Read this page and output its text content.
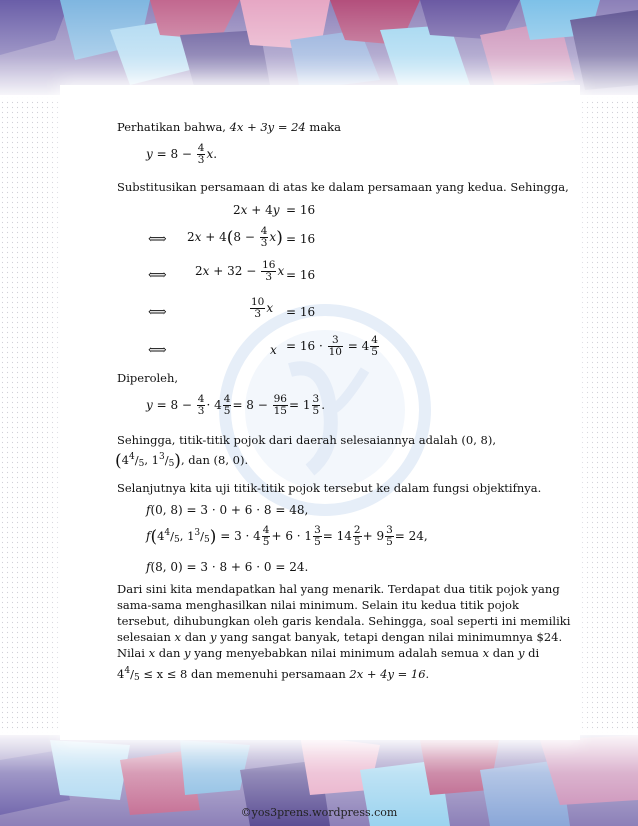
Perhatikan bahwa, 4x + 3y = 24 maka
$y = 8 - \frac{4}{3} x$.
Substitusikan persamaan di atas ke dalam persamaan yang kedua. Sehingga,
2x + 4y = 16
⟺ $2x + 4(8 - \frac{4}{3} x) = 16$
⟺ $2x + 32 - \frac{16}{3}$ x = 16
⟺	$\frac{10}{3}$ x = 16
⟺	$x = 16 \cdot \frac{3}{10} = 4 \frac{4}{5}$
Diperoleh,
$y = 8 - \frac{4}{3} \cdot 4 \frac{4}{5} = 8 - \frac{96}{15} = 1 \frac{3}{5}$ .
Sehingga, titik-titik pojok dari daerah selesaiannya adalah (0, 8),
($4^4/_5$, $1^3/_5$), dan (8, 0).
Selanjutnya kita uji titik-titik pojok tersebut ke dalam fungsi objektifnya.
f(0, 8) = 3 · 0 + 6 · 8 = 48,
$f(4^4/_5$, $1^3/_5) = 3 \cdot 4 \frac{4}{5} + 6 \cdot 1 \frac{3}{5} = 14 \frac{2}{5} + 9 \frac{3}{5} = 24$,
f(8, 0) = 3 · 8 + 6 · 0 = 24.
Dari sini kita mendapatkan hal yang menarik. Terdapat dua titik pojok yang
sama-sama menghasilkan nilai minimum. Selain itu kedua titik pojok
tersebut, dihubungkan oleh garis kendala. Sehingga, soal seperti ini memiliki
selesaian x dan y yang sangat banyak, tetapi dengan nilai minimumnya $24.
Nilai x dan y yang menyebabkan nilai minimum adalah semua x dan y di
$4^4/_5 \le x \le 8$ dan memenuhi persamaan 2x + 4y = 16.
©yos3prens.wordpress.com
